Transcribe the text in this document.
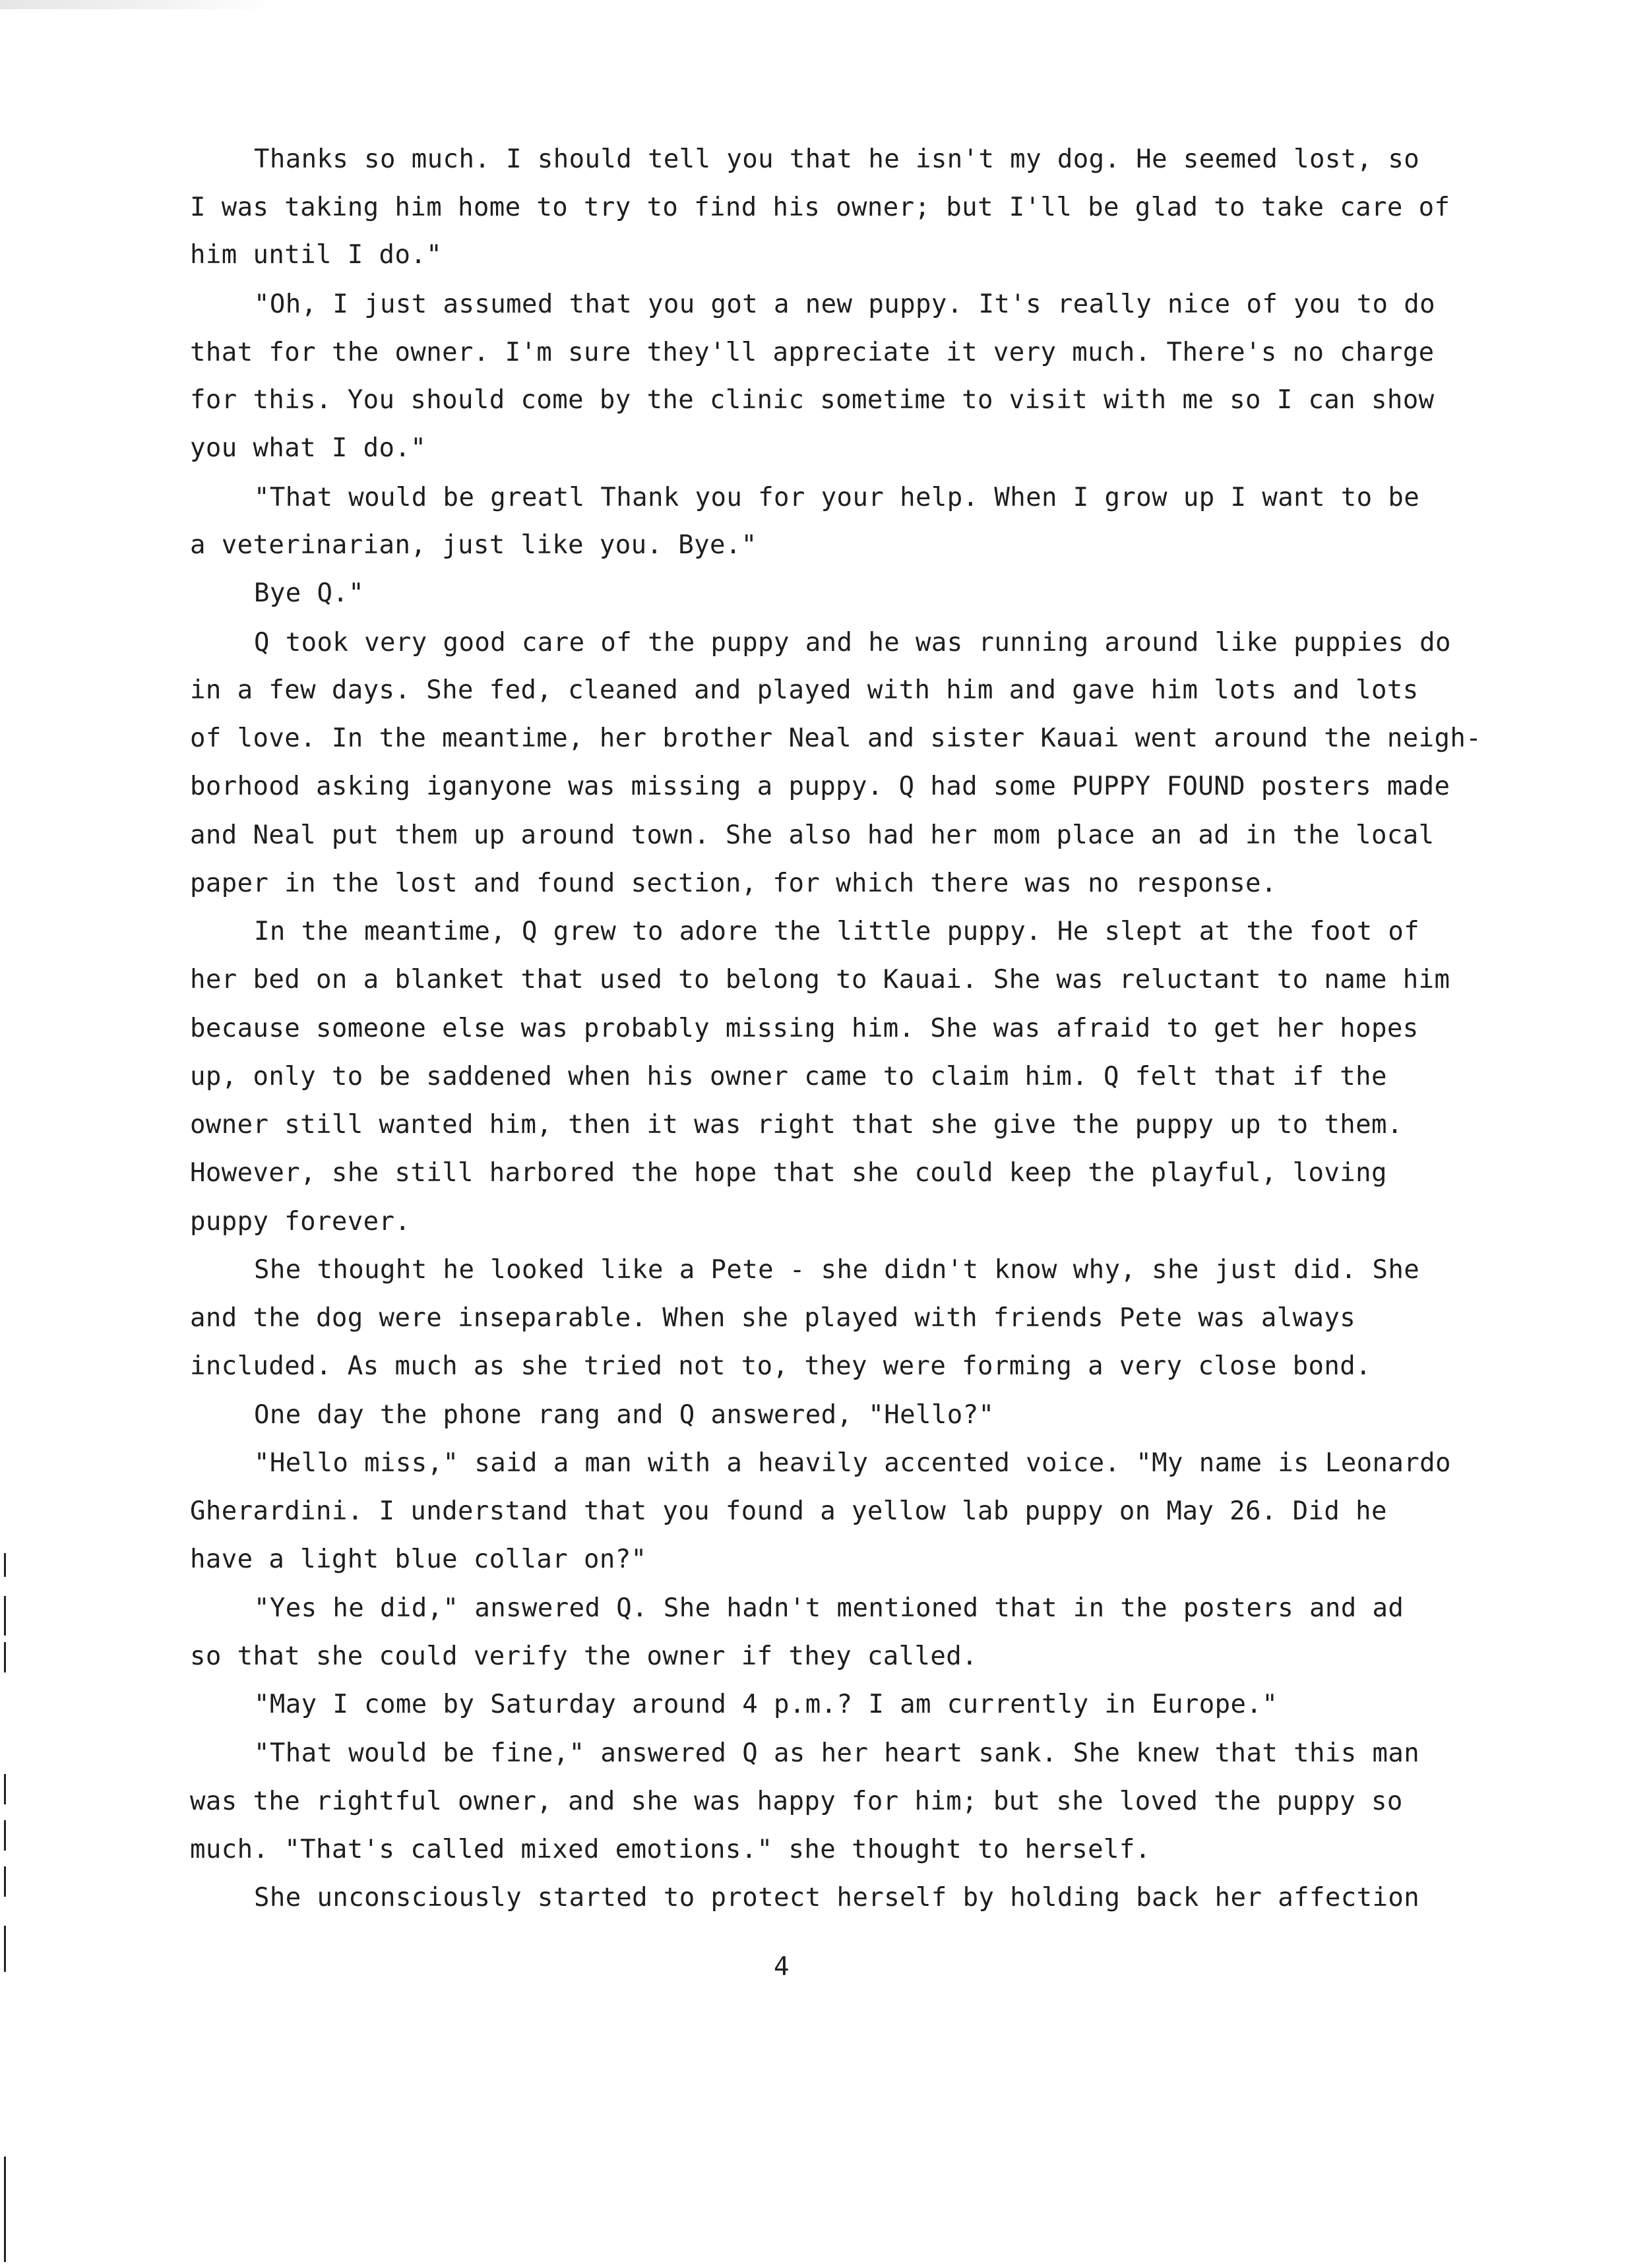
Thanks so much. I should tell you that he isn't my dog. He seemed lost, so
I was taking him home to try to find his owner; but I'll be glad to take care of
him until I do."
"Oh, I just assumed that you got a new puppy. It's really nice of you to do
that for the owner. I'm sure they'll appreciate it very much. There's no charge
for this. You should come by the clinic sometime to visit with me so I can show
you what I do."
"That would be greatl Thank you for your help. When I grow up I want to be
a veterinarian, just like you. Bye."
Bye Q."
Q took very good care of the puppy and he was running around like puppies do
in a few days. She fed, cleaned and played with him and gave him lots and lots
of love. In the meantime, her brother Neal and sister Kauai went around the neigh-
borhood asking iganyone was missing a puppy. Q had some PUPPY FOUND posters made
and Neal put them up around town. She also had her mom place an ad in the local
paper in the lost and found section, for which there was no response.
In the meantime, Q grew to adore the little puppy. He slept at the foot of
her bed on a blanket that used to belong to Kauai. She was reluctant to name him
because someone else was probably missing him. She was afraid to get her hopes
up, only to be saddened when his owner came to claim him. Q felt that if the
owner still wanted him, then it was right that she give the puppy up to them.
However, she still harbored the hope that she could keep the playful, loving
puppy forever.
She thought he looked like a Pete - she didn't know why, she just did. She
and the dog were inseparable. When she played with friends Pete was always
included. As much as she tried not to, they were forming a very close bond.
One day the phone rang and Q answered, "Hello?"
"Hello miss," said a man with a heavily accented voice. "My name is Leonardo
Gherardini. I understand that you found a yellow lab puppy on May 26. Did he
have a light blue collar on?"
"Yes he did," answered Q. She hadn't mentioned that in the posters and ad
so that she could verify the owner if they called.
"May I come by Saturday around 4 p.m.? I am currently in Europe."
"That would be fine," answered Q as her heart sank. She knew that this man
was the rightful owner, and she was happy for him; but she loved the puppy so
much. "That's called mixed emotions." she thought to herself.
She unconsciously started to protect herself by holding back her affection
4
